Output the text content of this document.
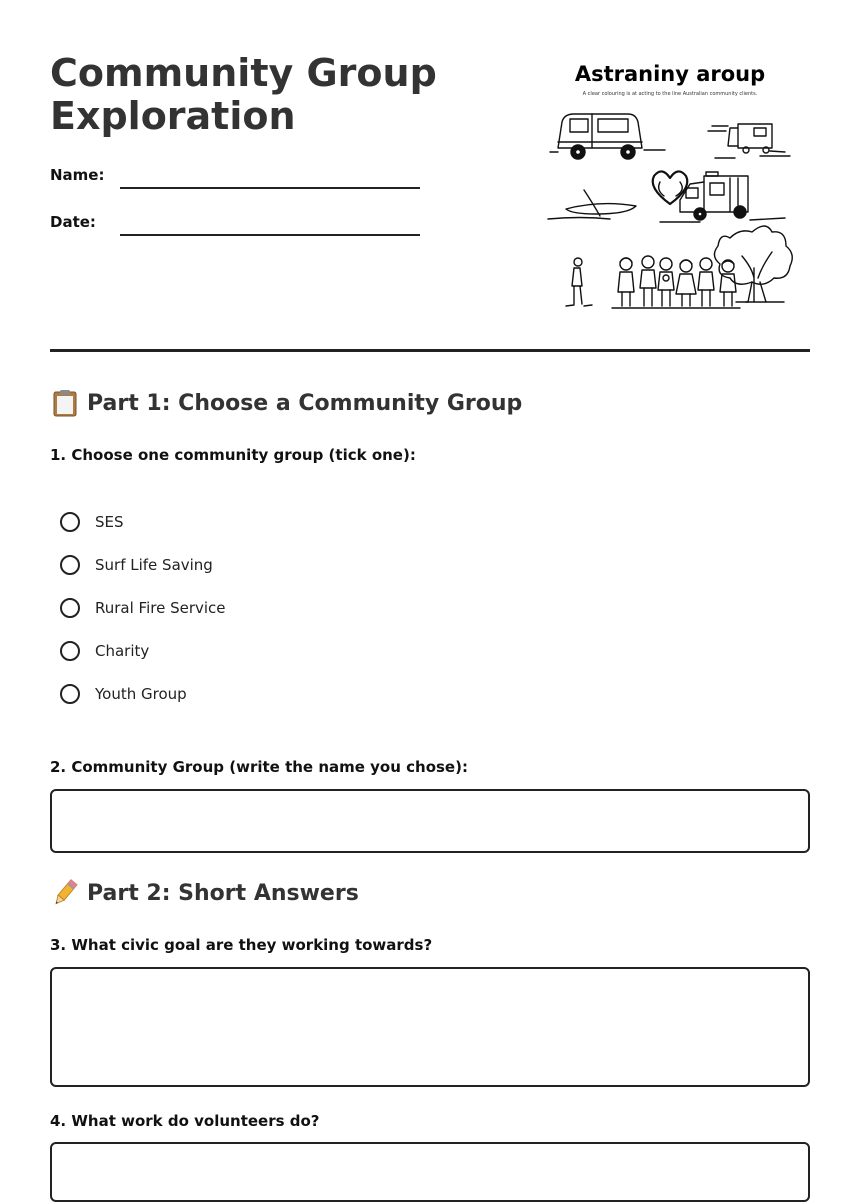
Community Group
Exploration
Name:
Date:
Astraniny aroup
A clear colouring is at acting to the line Australian community clients.
Part 1: Choose a Community Group
1. Choose one community group (tick one):
SES
Surf Life Saving
Rural Fire Service
Charity
Youth Group
2. Community Group (write the name you chose):
Part 2: Short Answers
3. What civic goal are they working towards?
4. What work do volunteers do?
